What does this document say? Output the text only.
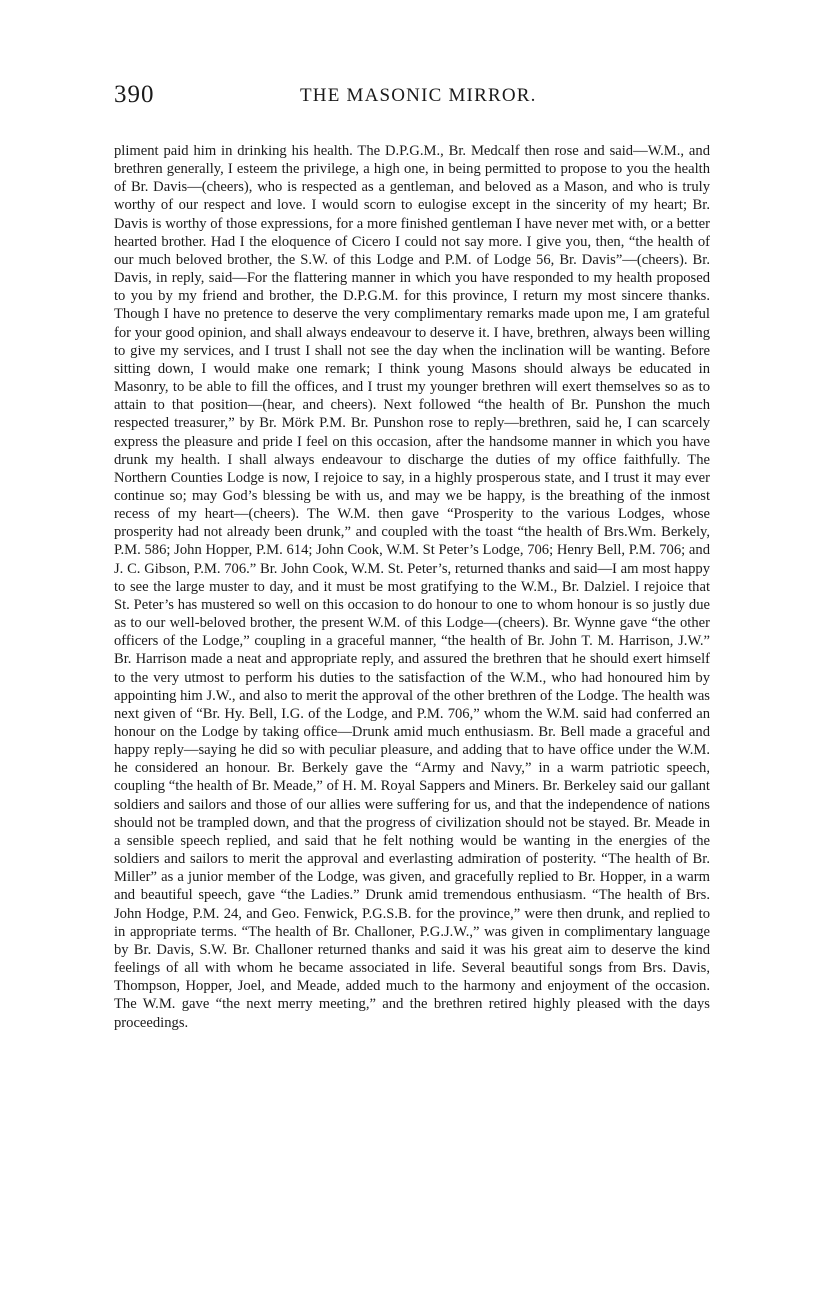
390	THE MASONIC MIRROR.

pliment paid him in drinking his health. The D.P.G.M., Br. Medcalf then rose and said—W.M., and brethren generally, I esteem the privilege, a high one, in being permitted to propose to you the health of Br. Davis—(cheers), who is respected as a gentleman, and beloved as a Mason, and who is truly worthy of our respect and love. I would scorn to eulogise except in the sincerity of my heart; Br. Davis is worthy of those expressions, for a more finished gentleman I have never met with, or a better hearted brother. Had I the eloquence of Cicero I could not say more. I give you, then, “the health of our much beloved brother, the S.W. of this Lodge and P.M. of Lodge 56, Br. Davis”—(cheers). Br. Davis, in reply, said—For the flattering manner in which you have responded to my health proposed to you by my friend and brother, the D.P.G.M. for this province, I return my most sincere thanks. Though I have no pretence to deserve the very complimentary remarks made upon me, I am grateful for your good opinion, and shall always endeavour to deserve it. I have, brethren, always been willing to give my services, and I trust I shall not see the day when the inclination will be wanting. Before sitting down, I would make one remark; I think young Masons should always be educated in Masonry, to be able to fill the offices, and I trust my younger brethren will exert themselves so as to attain to that position—(hear, and cheers). Next followed “the health of Br. Punshon the much respected treasurer,” by Br. Mörk P.M. Br. Punshon rose to reply—brethren, said he, I can scarcely express the pleasure and pride I feel on this occasion, after the handsome manner in which you have drunk my health. I shall always endeavour to discharge the duties of my office faithfully. The Northern Counties Lodge is now, I rejoice to say, in a highly prosperous state, and I trust it may ever continue so; may God’s blessing be with us, and may we be happy, is the breathing of the inmost recess of my heart—(cheers). The W.M. then gave “Prosperity to the various Lodges, whose prosperity had not already been drunk,” and coupled with the toast “the health of Brs.Wm. Berkely, P.M. 586; John Hopper, P.M. 614; John Cook, W.M. St Peter’s Lodge, 706; Henry Bell, P.M. 706; and J. C. Gibson, P.M. 706.” Br. John Cook, W.M. St. Peter’s, returned thanks and said—I am most happy to see the large muster to day, and it must be most gratifying to the W.M., Br. Dalziel. I rejoice that St. Peter’s has mustered so well on this occasion to do honour to one to whom honour is so justly due as to our well-beloved brother, the present W.M. of this Lodge—(cheers). Br. Wynne gave “the other officers of the Lodge,” coupling in a graceful manner, “the health of Br. John T. M. Harrison, J.W.” Br. Harrison made a neat and appropriate reply, and assured the brethren that he should exert himself to the very utmost to perform his duties to the satisfaction of the W.M., who had honoured him by appointing him J.W., and also to merit the approval of the other brethren of the Lodge. The health was next given of “Br. Hy. Bell, I.G. of the Lodge, and P.M. 706,” whom the W.M. said had conferred an honour on the Lodge by taking office—Drunk amid much enthusiasm. Br. Bell made a graceful and happy reply—saying he did so with peculiar pleasure, and adding that to have office under the W.M. he considered an honour. Br. Berkely gave the “Army and Navy,” in a warm patriotic speech, coupling “the health of Br. Meade,” of H. M. Royal Sappers and Miners. Br. Berkeley said our gallant soldiers and sailors and those of our allies were suffering for us, and that the independence of nations should not be trampled down, and that the progress of civilization should not be stayed. Br. Meade in a sensible speech replied, and said that he felt nothing would be wanting in the energies of the soldiers and sailors to merit the approval and everlasting admiration of posterity. “The health of Br. Miller” as a junior member of the Lodge, was given, and gracefully replied to Br. Hopper, in a warm and beautiful speech, gave “the Ladies.” Drunk amid tremendous enthusiasm. “The health of Brs. John Hodge, P.M. 24, and Geo. Fenwick, P.G.S.B. for the province,” were then drunk, and replied to in appropriate terms. “The health of Br. Challoner, P.G.J.W.,” was given in complimentary language by Br. Davis, S.W. Br. Challoner returned thanks and said it was his great aim to deserve the kind feelings of all with whom he became associated in life. Several beautiful songs from Brs. Davis, Thompson, Hopper, Joel, and Meade, added much to the harmony and enjoyment of the occasion. The W.M. gave “the next merry meeting,” and the brethren retired highly pleased with the days proceedings.
